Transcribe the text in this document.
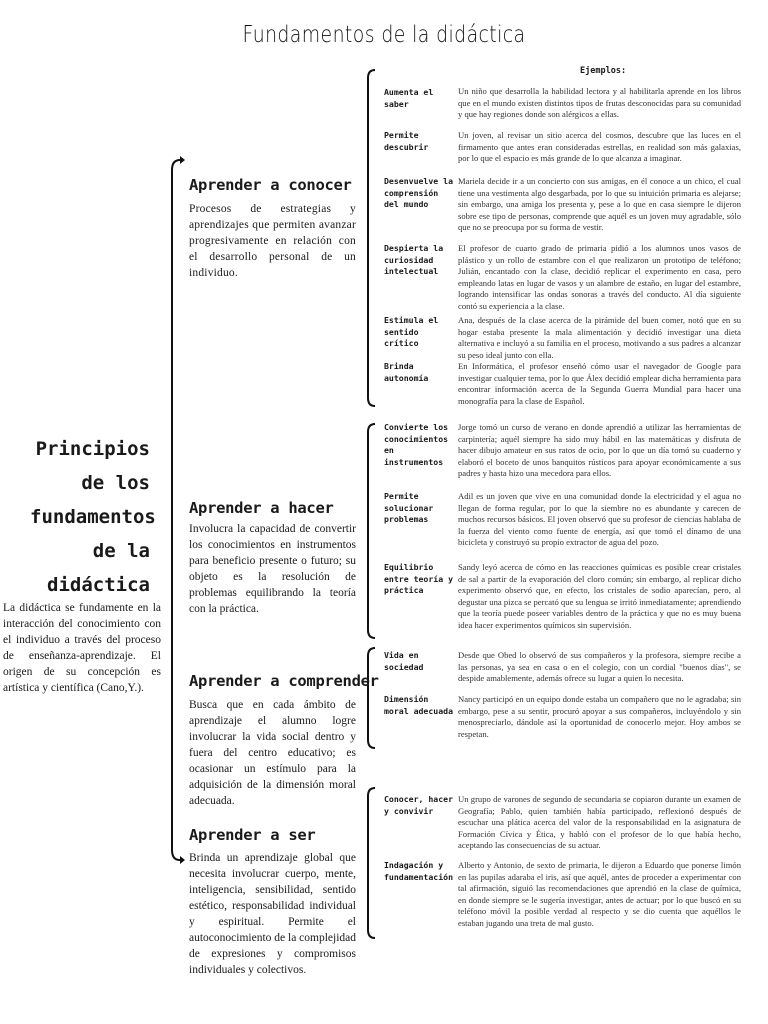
Fundamentos de la didáctica
Ejemplos:
Principios
de los
fundamentos
de la
didáctica
La didáctica se fundamente en la interacción del conocimiento con el individuo a través del proceso de enseñanza-aprendizaje. El origen de su concepción es artística y científica (Cano,Y.).
Aprender a conocer
Procesos de estrategias y aprendizajes que permiten avanzar progresivamente en relación con el desarrollo personal de un individuo.
Aprender a hacer
Involucra la capacidad de convertir los conocimientos en instrumentos para beneficio presente o futuro; su objeto es la resolución de problemas equilibrando la teoría con la práctica.
Aprender a comprender
Busca que en cada ámbito de aprendizaje el alumno logre involucrar la vida social dentro y fuera del centro educativo; es ocasionar un estímulo para la adquisición de la dimensión moral adecuada.
Aprender a ser
Brinda un aprendizaje global que necesita involucrar cuerpo, mente, inteligencia, sensibilidad, sentido estético, responsabilidad individual y espiritual. Permite el autoconocimiento de la complejidad de expresiones y compromisos individuales y colectivos.
Aumenta el saber
Un niño que desarrolla la habilidad lectora y al habilitarla aprende en los libros que en el mundo existen distintos tipos de frutas desconocidas para su comunidad y que hay regiones donde son alérgicos a ellas.
Permite descubrir
Un joven, al revisar un sitio acerca del cosmos, descubre que las luces en el firmamento que antes eran consideradas estrellas, en realidad son más galaxias, por lo que el espacio es más grande de lo que alcanza a imaginar.
Desenvuelve la comprensión del mundo
Mariela decide ir a un concierto con sus amigas, en él conoce a un chico, el cual tiene una vestimenta algo desgarbada, por lo que su intuición primaria es alejarse; sin embargo, una amiga los presenta y, pese a lo que en casa siempre le dijeron sobre ese tipo de personas, comprende que aquél es un joven muy agradable, sólo que no se preocupa por su forma de vestir.
Despierta la curiosidad intelectual
El profesor de cuarto grado de primaria pidió a los alumnos unos vasos de plástico y un rollo de estambre con el que realizaron un prototipo de teléfono; Julián, encantado con la clase, decidió replicar el experimento en casa, pero empleando latas en lugar de vasos y un alambre de estaño, en lugar del estambre, logrando intensificar las ondas sonoras a través del conducto. Al día siguiente contó su experiencia a la clase.
Estimula el sentido crítico
Ana, después de la clase acerca de la pirámide del buen comer, notó que en su hogar estaba presente la mala alimentación y decidió investigar una dieta alternativa e incluyó a su familia en el proceso, motivando a sus padres a alcanzar su peso ideal junto con ella.
Brinda autonomía
En Informática, el profesor enseñó cómo usar el navegador de Google para investigar cualquier tema, por lo que Álex decidió emplear dicha herramienta para encontrar información acerca de la Segunda Guerra Mundial para hacer una monografía para la clase de Español.
Convierte los conocimientos en instrumentos
Jorge tomó un curso de verano en donde aprendió a utilizar las herramientas de carpintería; aquél siempre ha sido muy hábil en las matemáticas y disfruta de hacer dibujo amateur en sus ratos de ocio, por lo que un día tomó su cuaderno y elaboró el boceto de unos banquitos rústicos para apoyar económicamente a sus padres y hasta hizo una mecedora para ellos.
Permite solucionar problemas
Adil es un joven que vive en una comunidad donde la electricidad y el agua no llegan de forma regular, por lo que la siembre no es abundante y carecen de muchos recursos básicos. El joven observó que su profesor de ciencias hablaba de la fuerza del viento como fuente de energía, así que tomó el dínamo de una bicicleta y construyó su propio extractor de agua del pozo.
Equilibrio entre teoría y práctica
Sandy leyó acerca de cómo en las reacciones químicas es posible crear cristales de sal a partir de la evaporación del cloro común; sin embargo, al replicar dicho experimento observó que, en efecto, los cristales de sodio aparecían, pero, al degustar una pizca se percató que su lengua se irritó inmediatamente; aprendiendo que la teoría puede poseer variables dentro de la práctica y que no es muy buena idea hacer experimentos químicos sin supervisión.
Vida en sociedad
Desde que Obed lo observó de sus compañeros y la profesora, siempre recibe a las personas, ya sea en casa o en el colegio, con un cordial "buenos días", se despide amablemente, además ofrece su lugar a quien lo necesita.
Dimensión moral adecuada
Nancy participó en un equipo donde estaba un compañero que no le agradaba; sin embargo, pese a su sentir, procuró apoyar a sus compañeros, incluyéndolo y sin menospreciarlo, dándole así la oportunidad de conocerlo mejor. Hoy ambos se respetan.
Conocer, hacer y convivir
Un grupo de varones de segundo de secundaria se copiaron durante un examen de Geografía; Pablo, quien también había participado, reflexionó después de escuchar una plática acerca del valor de la responsabilidad en la asignatura de Formación Cívica y Ética, y habló con el profesor de lo que había hecho, aceptando las consecuencias de su actuar.
Indagación y fundamentación
Alberto y Antonio, de sexto de primaria, le dijeron a Eduardo que ponerse limón en las pupilas adaraba el iris, así que aquél, antes de proceder a experimentar con tal afirmación, siguió las recomendaciones que aprendió en la clase de química, en donde siempre se le sugería investigar, antes de actuar; por lo que buscó en su teléfono móvil la posible verdad al respecto y se dio cuenta que aquéllos le estaban jugando una treta de mal gusto.
